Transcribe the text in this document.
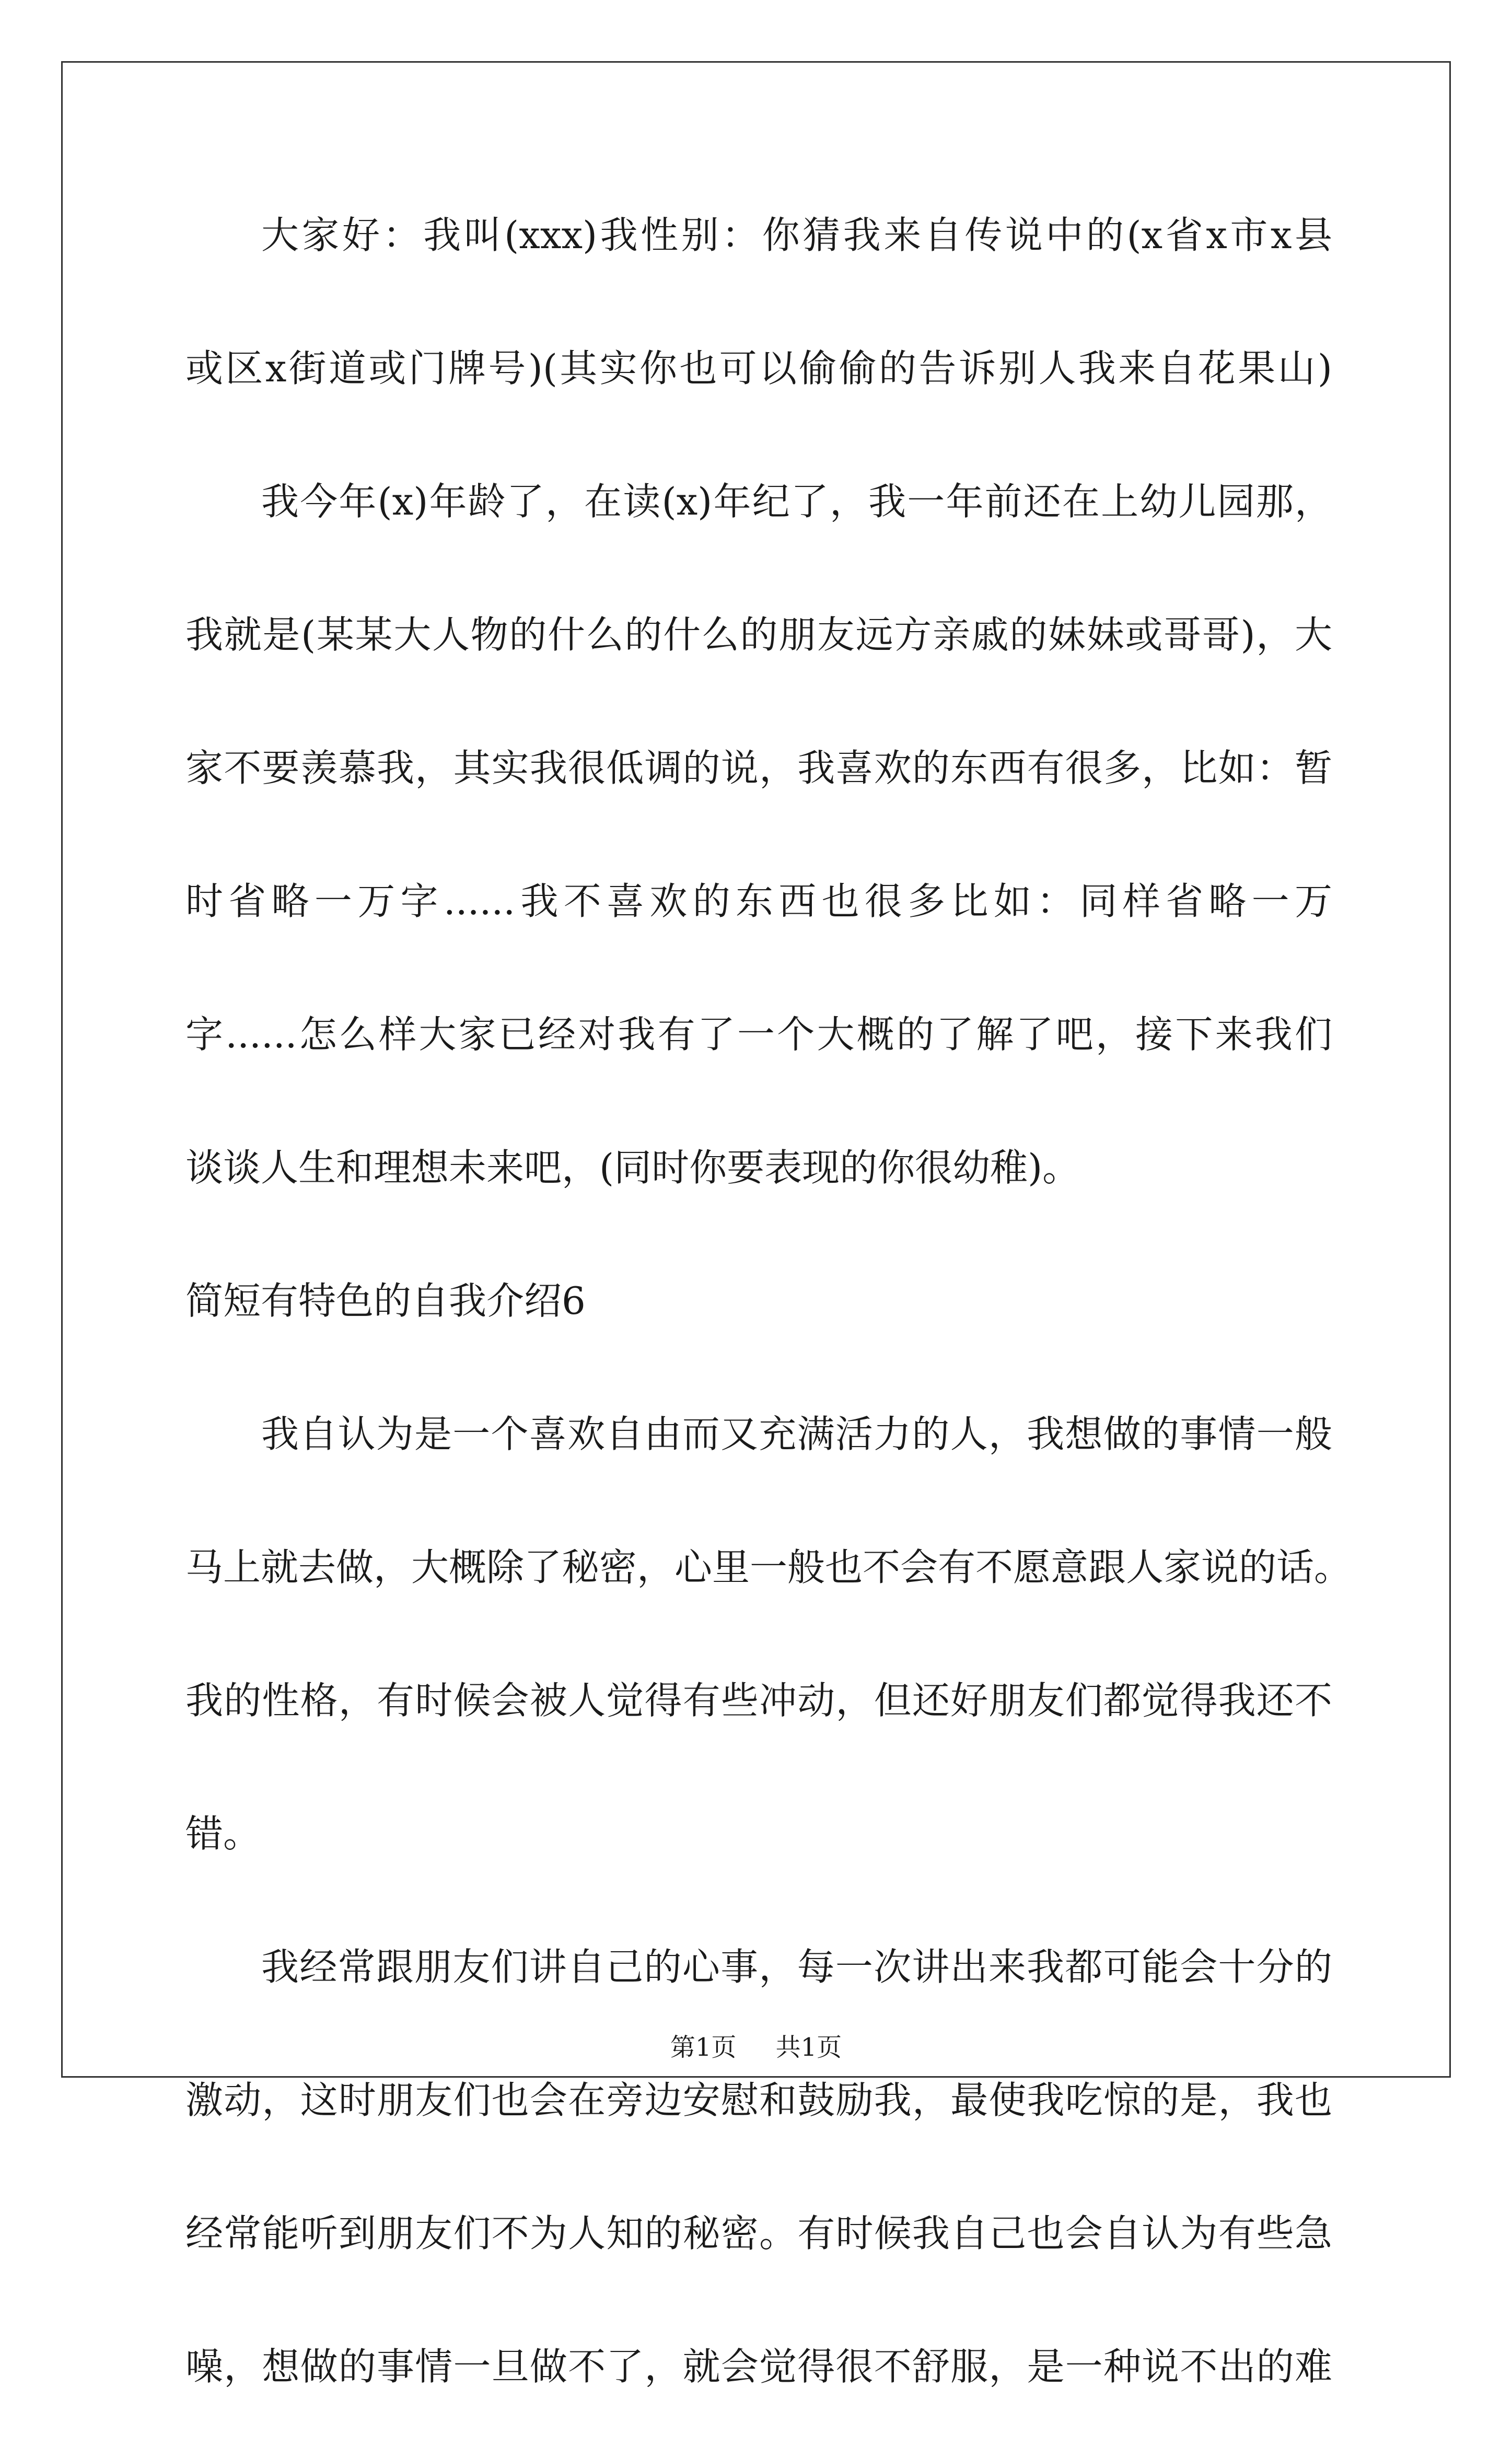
大家好：我叫(xxx)我性别：你猜我来自传说中的(x省x市x县
或区x街道或门牌号)(其实你也可以偷偷的告诉别人我来自花果山)
我今年(x)年龄了，在读(x)年纪了，我一年前还在上幼儿园那，
我就是(某某大人物的什么的什么的朋友远方亲戚的妹妹或哥哥)，大
家不要羡慕我，其实我很低调的说，我喜欢的东西有很多，比如：暂
时省略一万字......我不喜欢的东西也很多比如：同样省略一万
字......怎么样大家已经对我有了一个大概的了解了吧，接下来我们
谈谈人生和理想未来吧，(同时你要表现的你很幼稚)。
简短有特色的自我介绍6
我自认为是一个喜欢自由而又充满活力的人，我想做的事情一般
马上就去做，大概除了秘密，心里一般也不会有不愿意跟人家说的话。
我的性格，有时候会被人觉得有些冲动，但还好朋友们都觉得我还不
错。
我经常跟朋友们讲自己的心事，每一次讲出来我都可能会十分的
激动，这时朋友们也会在旁边安慰和鼓励我，最使我吃惊的是，我也
经常能听到朋友们不为人知的秘密。有时候我自己也会自认为有些急
噪，想做的事情一旦做不了，就会觉得很不舒服，是一种说不出的难
第1页 共1页
